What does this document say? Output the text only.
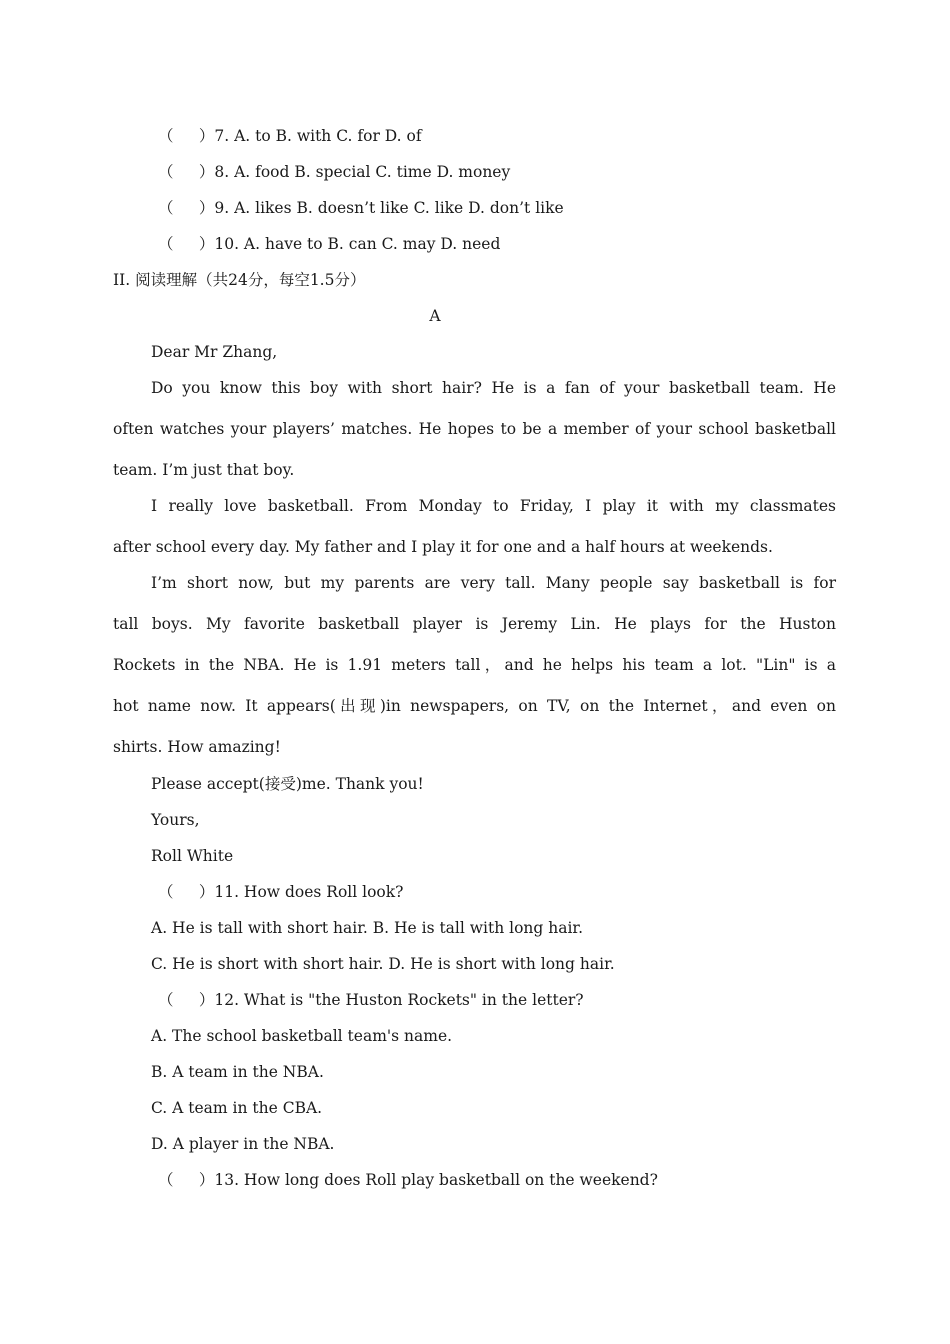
（　  ）7. A. to B. with C. for D. of
（　  ）8. A. food B. special C. time D. money
（　  ）9. A. likes B. doesn’t like C. like D. don’t like
（　  ）10. A. have to B. can C. may D. need
II. 阅读理解（共24分，每空1.5分）
A
Dear Mr Zhang,
Do you know this boy with short hair? He is a fan of your basketball team. He
often watches your players’ matches. He hopes to be a member of your school basketball
team. I’m just that boy.
I really love basketball. From Monday to Friday, I play it with my classmates
after school every day. My father and I play it for one and a half hours at weekends.
I’m short now, but my parents are very tall. Many people say basketball is for
tall boys. My favorite basketball player is Jeremy Lin. He plays for the Huston
Rockets in the NBA. He is 1.91 meters tall，and he helps his team a lot. "Lin" is a
hot name now. It appears(出现)in newspapers, on TV, on the Internet，and even on
shirts. How amazing!
Please accept(接受)me. Thank you!
Yours,
Roll White
（　  ）11. How does Roll look?
A. He is tall with short hair. B. He is tall with long hair.
C. He is short with short hair. D. He is short with long hair.
（　  ）12. What is "the Huston Rockets" in the letter?
A. The school basketball team's name.
B. A team in the NBA.
C. A team in the CBA.
D. A player in the NBA.
（　  ）13. How long does Roll play basketball on the weekend?
